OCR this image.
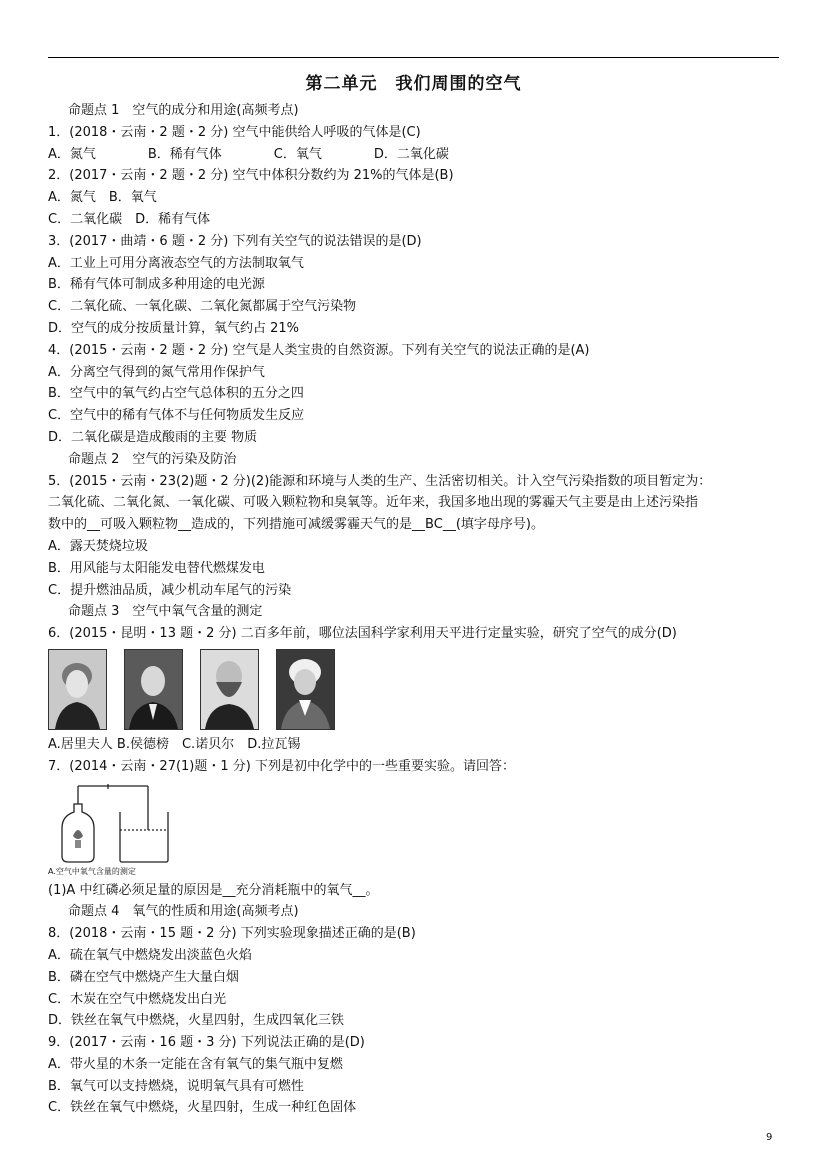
第二单元　我们周围的空气
命题点 1　空气的成分和用途(高频考点)
1．(2018・云南・2 题・2 分) 空气中能供给人呼吸的气体是(C)
A．氮气　　　　B．稀有气体　　　　C．氧气　　　　D．二氧化碳
2．(2017・云南・2 题・2 分) 空气中体积分数约为 21%的气体是(B)
A．氮气　B．氧气
C．二氧化碳　D．稀有气体
3．(2017・曲靖・6 题・2 分) 下列有关空气的说法错误的是(D)
A．工业上可用分离液态空气的方法制取氧气
B．稀有气体可制成多种用途的电光源
C．二氧化硫、一氧化碳、二氧化氮都属于空气污染物
D．空气的成分按质量计算，氧气约占 21%
4．(2015・云南・2 题・2 分) 空气是人类宝贵的自然资源。下列有关空气的说法正确的是(A)
A．分离空气得到的氮气常用作保护气
B．空气中的氧气约占空气总体积的五分之四
C．空气中的稀有气体不与任何物质发生反应
D．二氧化碳是造成酸雨的主要 物质
命题点 2　空气的污染及防治
5．(2015・云南・23(2)题・2 分)(2)能源和环境与人类的生产、生活密切相关。计入空气污染指数的项目暂定为：
二氧化硫、二氧化氮、一氧化碳、可吸入颗粒物和臭氧等。近年来，我国多地出现的雾霾天气主要是由上述污染指
数中的__可吸入颗粒物__造成的，下列措施可减缓雾霾天气的是__BC__(填字母序号)。
A．露天焚烧垃圾
B．用风能与太阳能发电替代燃煤发电
C．提升燃油品质，减少机动车尾气的污染
命题点 3　空气中氧气含量的测定
6．(2015・昆明・13 题・2 分) 二百多年前，哪位法国科学家利用天平进行定量实验，研究了空气的成分(D)
A.居里夫人 B.侯德榜　C.诺贝尔　D.拉瓦锡
7．(2014・云南・27(1)题・1 分) 下列是初中化学中的一些重要实验。请回答：
A.空气中氧气含量的测定
(1)A 中红磷必须足量的原因是__充分消耗瓶中的氧气__。
命题点 4　氧气的性质和用途(高频考点)
8．(2018・云南・15 题・2 分) 下列实验现象描述正确的是(B)
A．硫在氧气中燃烧发出淡蓝色火焰
B．磷在空气中燃烧产生大量白烟
C．木炭在空气中燃烧发出白光
D．铁丝在氧气中燃烧，火星四射，生成四氧化三铁
9．(2017・云南・16 题・3 分) 下列说法正确的是(D)
A．带火星的木条一定能在含有氧气的集气瓶中复燃
B．氧气可以支持燃烧，说明氧气具有可燃性
C．铁丝在氧气中燃烧，火星四射，生成一种红色固体
9
